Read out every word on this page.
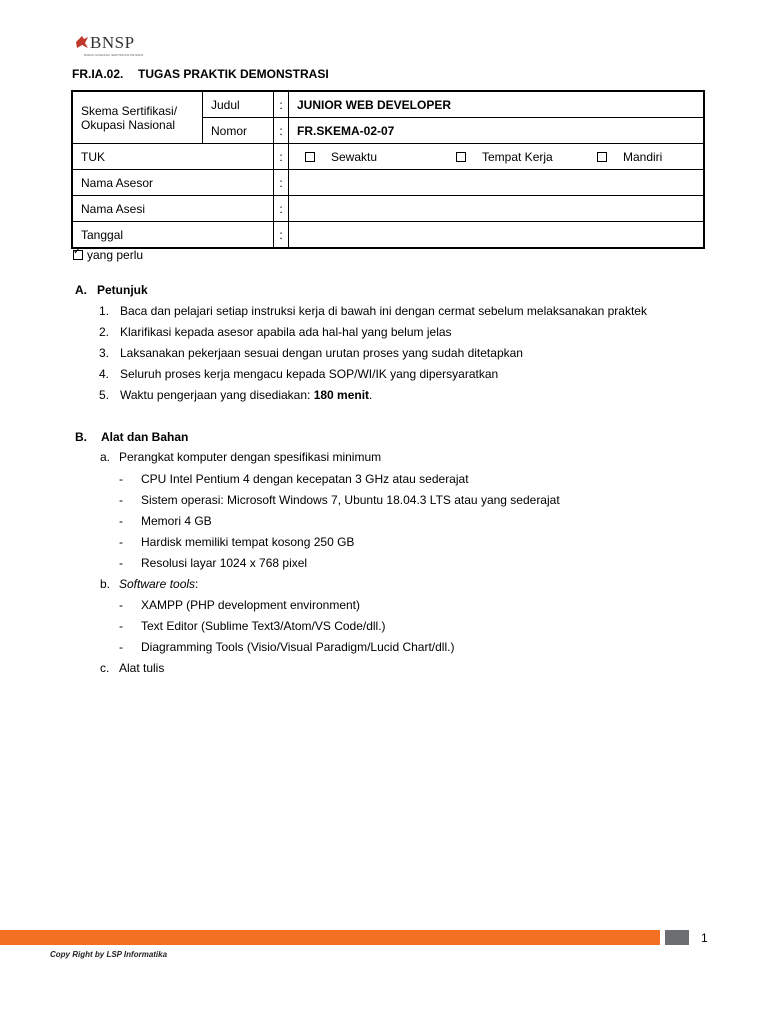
BNSP
BADAN NASIONAL SERTIFIKASI PROFESI
FR.IA.02. TUGAS PRAKTIK DEMONSTRASI
Skema Sertifikasi/ Okupasi Nasional	Judul	:	JUNIOR WEB DEVELOPER
	Nomor	:	FR.SKEMA-02-07
TUK		:	Sewaktu Tempat Kerja Mandiri

Nama Asesor		:	
Nama Asesi		:	
Tanggal		:	
✓
yang perlu
A. Petunjuk
1. Baca dan pelajari setiap instruksi kerja di bawah ini dengan cermat sebelum melaksanakan praktek
2. Klarifikasi kepada asesor apabila ada hal-hal yang belum jelas
3. Laksanakan pekerjaan sesuai dengan urutan proses yang sudah ditetapkan
4. Seluruh proses kerja mengacu kepada SOP/WI/IK yang dipersyaratkan
5. Waktu pengerjaan yang disediakan: 180 menit.
B. Alat dan Bahan
a. Perangkat komputer dengan spesifikasi minimum
- CPU Intel Pentium 4 dengan kecepatan 3 GHz atau sederajat
- Sistem operasi: Microsoft Windows 7, Ubuntu 18.04.3 LTS atau yang sederajat
- Memori 4 GB
- Hardisk memiliki tempat kosong 250 GB
- Resolusi layar 1024 x 768 pixel
b. Software tools:
- XAMPP (PHP development environment)
- Text Editor (Sublime Text3/Atom/VS Code/dll.)
- Diagramming Tools (Visio/Visual Paradigm/Lucid Chart/dll.)
c. Alat tulis
1
Copy Right by LSP Informatika
